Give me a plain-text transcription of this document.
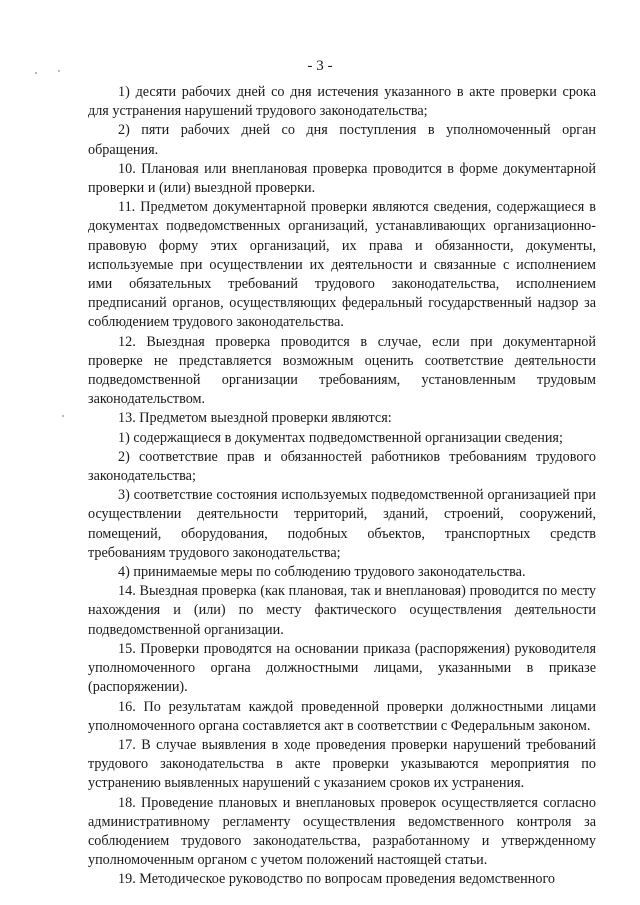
- 3 -

1) десяти рабочих дней со дня истечения указанного в акте проверки срока для устранения нарушений трудового законодательства;

2) пяти рабочих дней со дня поступления в уполномоченный орган обращения.

10. Плановая или внеплановая проверка проводится в форме документарной проверки и (или) выездной проверки.

11. Предметом документарной проверки являются сведения, содержащиеся в документах подведомственных организаций, устанавливающих организационно-правовую форму этих организаций, их права и обязанности, документы, используемые при осуществлении их деятельности и связанные с исполнением ими обязательных требований трудового законодательства, исполнением предписаний органов, осуществляющих федеральный государственный надзор за соблюдением трудового законодательства.

12. Выездная проверка проводится в случае, если при документарной проверке не представляется возможным оценить соответствие деятельности подведомственной организации требованиям, установленным трудовым законодательством.

13. Предметом выездной проверки являются:

1) содержащиеся в документах подведомственной организации сведения;

2) соответствие прав и обязанностей работников требованиям трудового законодательства;

3) соответствие состояния используемых подведомственной организацией при осуществлении деятельности территорий, зданий, строений, сооружений, помещений, оборудования, подобных объектов, транспортных средств требованиям трудового законодательства;

4) принимаемые меры по соблюдению трудового законодательства.

14. Выездная проверка (как плановая, так и внеплановая) проводится по месту нахождения и (или) по месту фактического осуществления деятельности подведомственной организации.

15. Проверки проводятся на основании приказа (распоряжения) руководителя уполномоченного органа должностными лицами, указанными в приказе (распоряжении).

16. По результатам каждой проведенной проверки должностными лицами уполномоченного органа составляется акт в соответствии с Федеральным законом.

17. В случае выявления в ходе проведения проверки нарушений требований трудового законодательства в акте проверки указываются мероприятия по устранению выявленных нарушений с указанием сроков их устранения.

18. Проведение плановых и внеплановых проверок осуществляется согласно административному регламенту осуществления ведомственного контроля за соблюдением трудового законодательства, разработанному и утвержденному уполномоченным органом с учетом положений настоящей статьи.

19. Методическое руководство по вопросам проведения ведомственного
